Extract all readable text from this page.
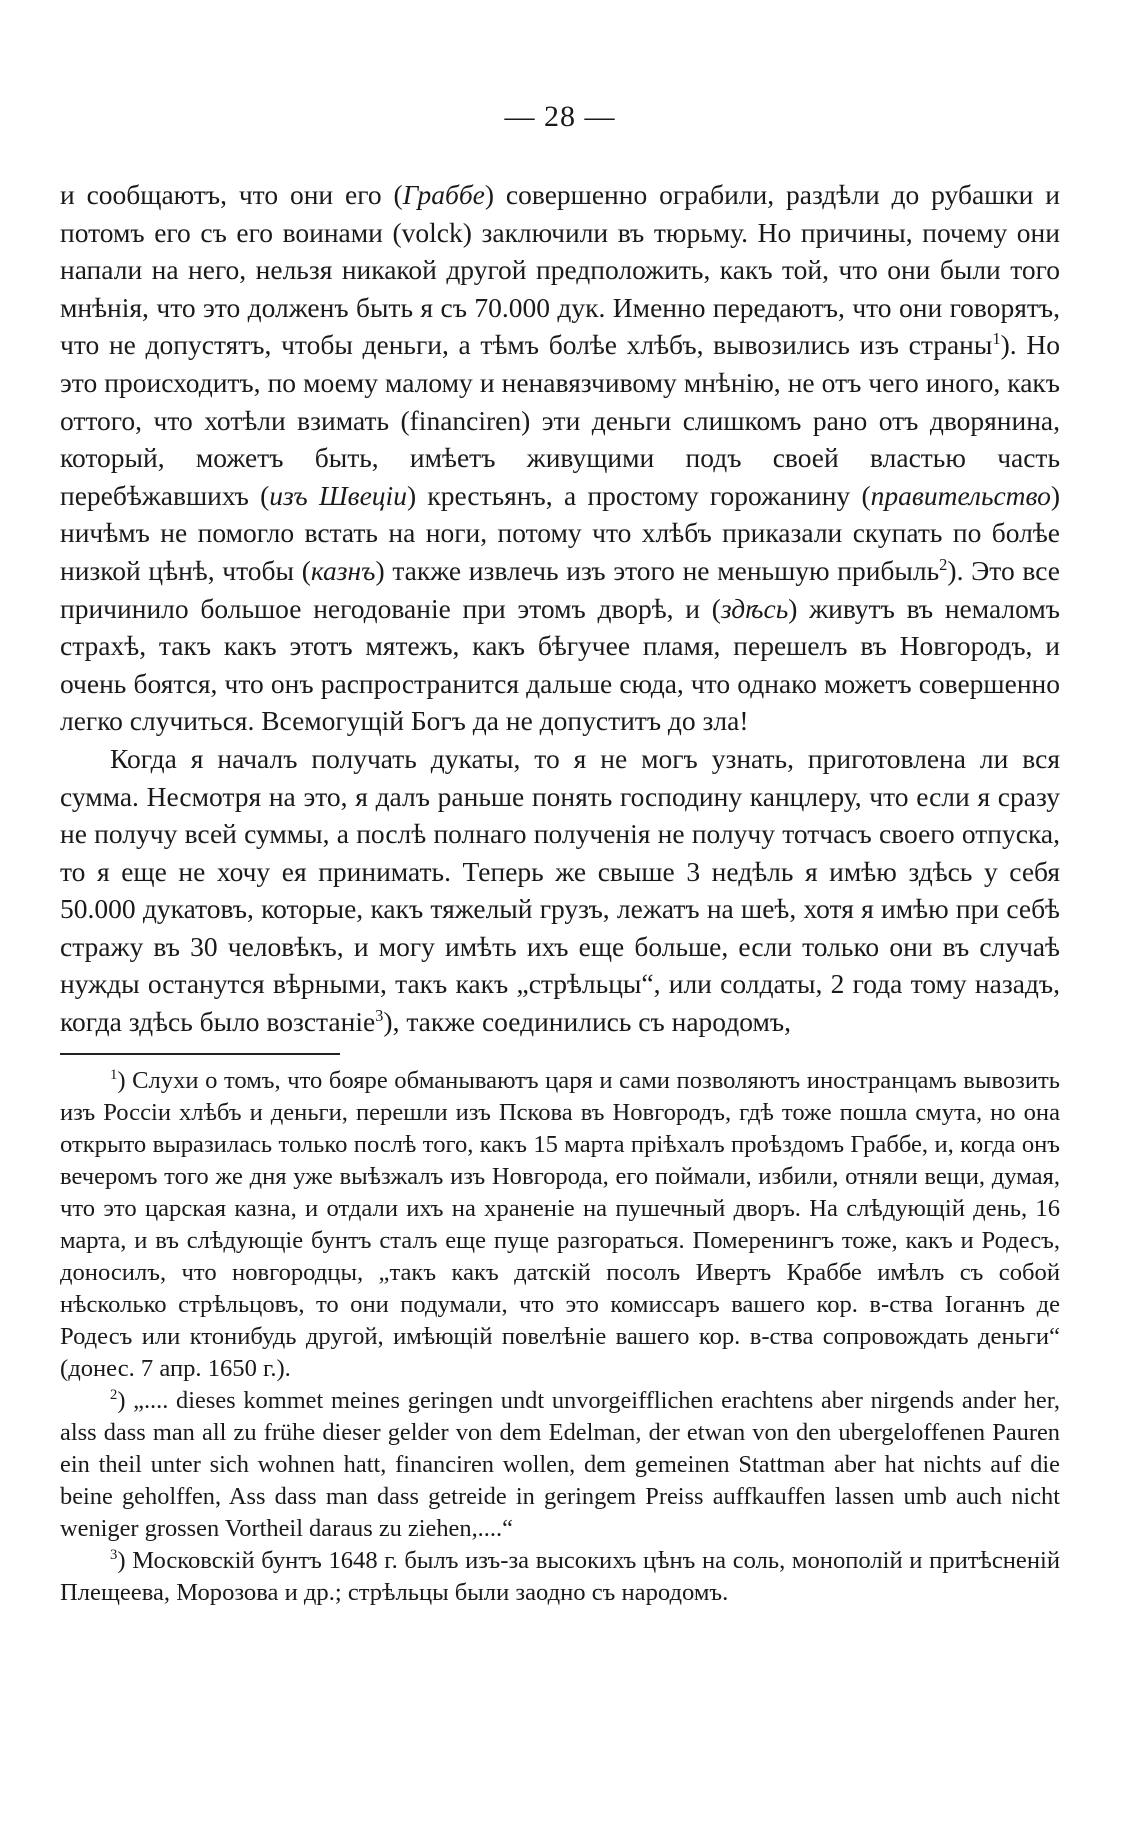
— 28 —

и сообщаютъ, что они его (Граббе) совершенно ограбили, раздѣли до рубашки и потомъ его съ его воинами (volck) заключили въ тюрьму. Но причины, почему они напали на него, нельзя никакой другой предположить, какъ той, что они были того мнѣнія, что это долженъ быть я съ 70.000 дук. Именно передаютъ, что они говорятъ, что не допустятъ, чтобы деньги, а тѣмъ болѣе хлѣбъ, вывозились изъ страны$^1$). Но это происходитъ, по моему малому и ненавязчивому мнѣнію, не отъ чего иного, какъ оттого, что хотѣли взимать (financiren) эти деньги слишкомъ рано отъ дворянина, который, можетъ быть, имѣетъ живущими подъ своей властью часть перебѣжавшихъ (изъ Швеціи) крестьянъ, а простому горожанину (правительство) ничѣмъ не помогло встать на ноги, потому что хлѣбъ приказали скупать по болѣе низкой цѣнѣ, чтобы (казнъ) также извлечь изъ этого не меньшую прибыль$^2$). Это все причинило большое негодованіе при этомъ дворѣ, и (здѣсь) живутъ въ немаломъ страхѣ, такъ какъ этотъ мятежъ, какъ бѣгучее пламя, перешелъ въ Новгородъ, и очень боятся, что онъ распространится дальше сюда, что однако можетъ совершенно легко случиться. Всемогущій Богъ да не допуститъ до зла!

Когда я началъ получать дукаты, то я не могъ узнать, приготовлена ли вся сумма. Несмотря на это, я далъ раньше понять господину канцлеру, что если я сразу не получу всей суммы, а послѣ полнаго полученія не получу тотчасъ своего отпуска, то я еще не хочу ея принимать. Теперь же свыше 3 недѣль я имѣю здѣсь у себя 50.000 дукатовъ, которые, какъ тяжелый грузъ, лежатъ на шеѣ, хотя я имѣю при себѣ стражу въ 30 человѣкъ, и могу имѣть ихъ еще больше, если только они въ случаѣ нужды останутся вѣрными, такъ какъ „стрѣльцы“, или солдаты, 2 года тому назадъ, когда здѣсь было возстаніе$^3$), также соединились съ народомъ,

$^1$) Слухи о томъ, что бояре обманываютъ царя и сами позволяютъ иностранцамъ вывозить изъ Россіи хлѣбъ и деньги, перешли изъ Пскова въ Новгородъ, гдѣ тоже пошла смута, но она открыто выразилась только послѣ того, какъ 15 марта пріѣхалъ проѣздомъ Граббе, и, когда онъ вечеромъ того же дня уже выѣзжалъ изъ Новгорода, его поймали, избили, отняли вещи, думая, что это царская казна, и отдали ихъ на храненіе на пушечный дворъ. На слѣдующій день, 16 марта, и въ слѣдующіе бунтъ сталъ еще пуще разгораться. Померенингъ тоже, какъ и Родесъ, доносилъ, что новгородцы, „такъ какъ датскій посолъ Ивертъ Краббе имѣлъ съ собой нѣсколько стрѣльцовъ, то они подумали, что это комиссаръ вашего кор. в-ства Іоганнъ де Родесъ или ктонибудь другой, имѣющій повелѣніе вашего кор. в-ства сопровождать деньги“ (донес. 7 апр. 1650 г.).

$^2$) „.... dieses kommet meines geringen undt unvorgeifflichen erachtens aber nirgends ander her, alss dass man all zu frühe dieser gelder von dem Edelman, der etwan von den ubergeloffenen Pauren ein theil unter sich wohnen hatt, financiren wollen, dem gemeinen Stattman aber hat nichts auf die beine geholffen, Ass dass man dass getreide in geringem Preiss auffkauffen lassen umb auch nicht weniger grossen Vortheil daraus zu ziehen,....“

$^3$) Московскій бунтъ 1648 г. былъ изъ-за высокихъ цѣнъ на соль, монополій и притѣсненій Плещеева, Морозова и др.; стрѣльцы были заодно съ народомъ.
